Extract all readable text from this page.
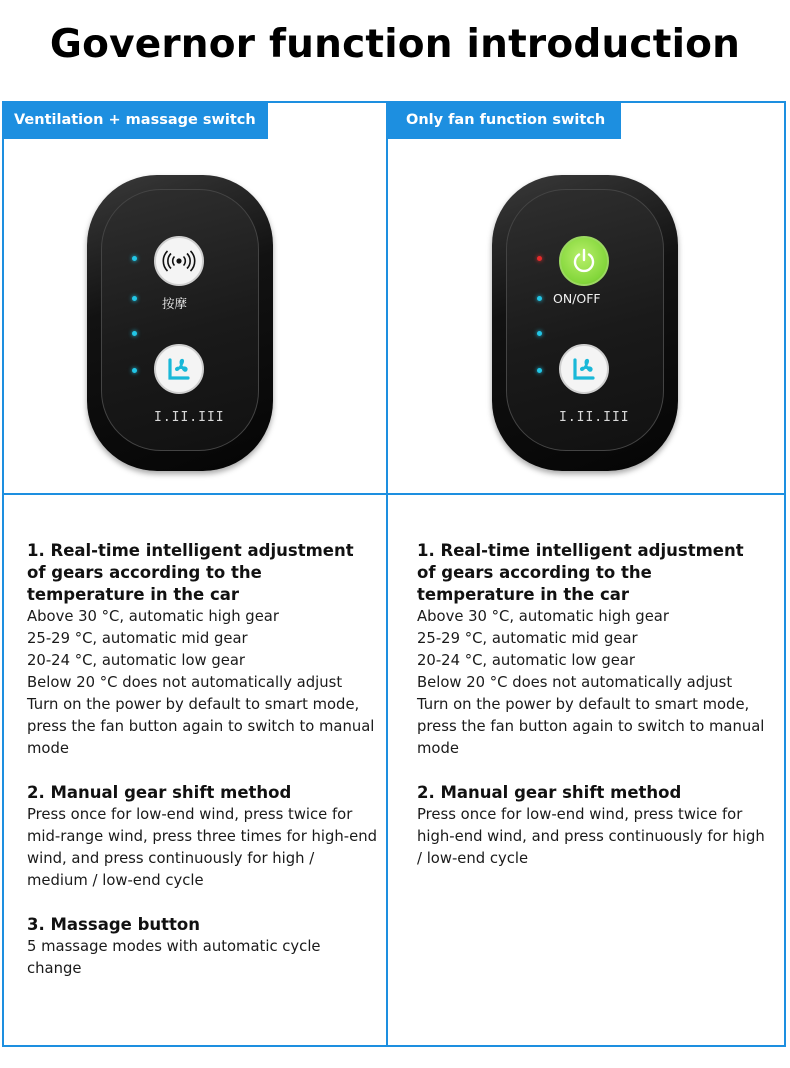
Governor function introduction
Ventilation + massage switch
按摩
I.II.III
Only fan function switch
ON/OFF
I.II.III
1. Real-time intelligent adjustment of gears according to the temperature in the car

Above 30 °C, automatic high gear

25-29 °C, automatic mid gear

20-24 °C, automatic low gear

Below 20 °C does not automatically adjust

Turn on the power by default to smart mode, press the fan button again to switch to manual mode

2. Manual gear shift method

Press once for low-end wind, press twice for mid-range wind, press three times for high-end wind, and press continuously for high / medium / low-end cycle

3. Massage button

5 massage modes with automatic cycle change

1. Real-time intelligent adjustment of gears according to the temperature in the car

Above 30 °C, automatic high gear

25-29 °C, automatic mid gear

20-24 °C, automatic low gear

Below 20 °C does not automatically adjust

Turn on the power by default to smart mode, press the fan button again to switch to manual mode

2. Manual gear shift method

Press once for low-end wind, press twice for high-end wind, and press continuously for high / low-end cycle
